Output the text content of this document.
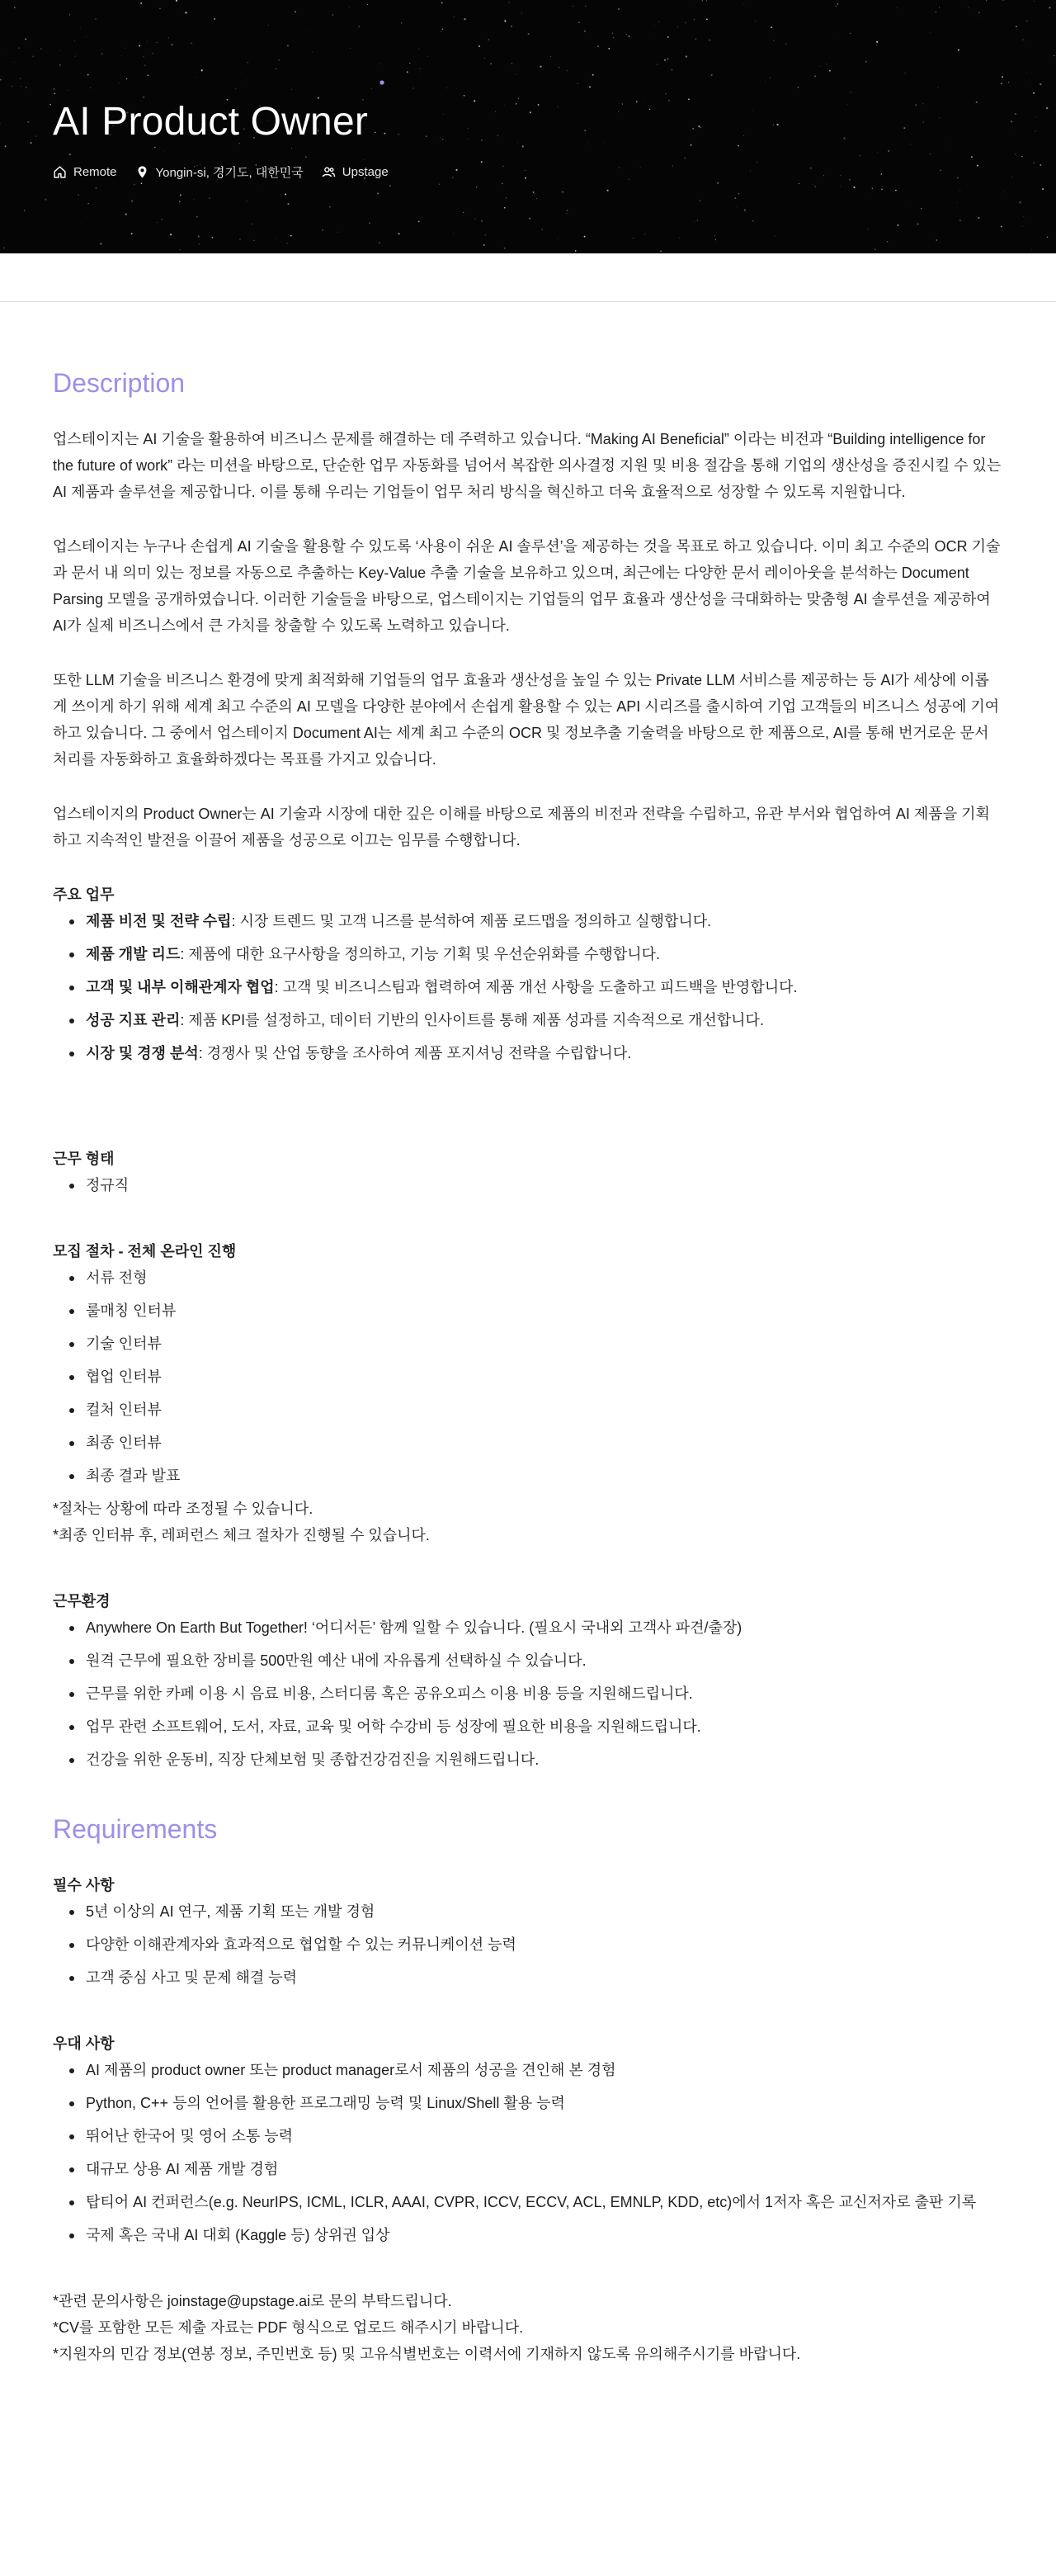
AI Product Owner
Remote	Yongin-si, 경기도, 대한민국	Upstage
Description

업스테이지는 AI 기술을 활용하여 비즈니스 문제를 해결하는 데 주력하고 있습니다. “Making AI Beneficial” 이라는 비전과 “Building intelligence for the future of work” 라는 미션을 바탕으로, 단순한 업무 자동화를 넘어서 복잡한 의사결정 지원 및 비용 절감을 통해 기업의 생산성을 증진시킬 수 있는 AI 제품과 솔루션을 제공합니다. 이를 통해 우리는 기업들이 업무 처리 방식을 혁신하고 더욱 효율적으로 성장할 수 있도록 지원합니다.

업스테이지는 누구나 손쉽게 AI 기술을 활용할 수 있도록 ‘사용이 쉬운 AI 솔루션’을 제공하는 것을 목표로 하고 있습니다. 이미 최고 수준의 OCR 기술과 문서 내 의미 있는 정보를 자동으로 추출하는 Key-Value 추출 기술을 보유하고 있으며, 최근에는 다양한 문서 레이아웃을 분석하는 Document Parsing 모델을 공개하였습니다. 이러한 기술들을 바탕으로, 업스테이지는 기업들의 업무 효율과 생산성을 극대화하는 맞춤형 AI 솔루션을 제공하여 AI가 실제 비즈니스에서 큰 가치를 창출할 수 있도록 노력하고 있습니다.

또한 LLM 기술을 비즈니스 환경에 맞게 최적화해 기업들의 업무 효율과 생산성을 높일 수 있는 Private LLM 서비스를 제공하는 등 AI가 세상에 이롭게 쓰이게 하기 위해 세계 최고 수준의 AI 모델을 다양한 분야에서 손쉽게 활용할 수 있는 API 시리즈를 출시하여 기업 고객들의 비즈니스 성공에 기여하고 있습니다. 그 중에서 업스테이지 Document AI는 세계 최고 수준의 OCR 및 정보추출 기술력을 바탕으로 한 제품으로, AI를 통해 번거로운 문서 처리를 자동화하고 효율화하겠다는 목표를 가지고 있습니다.

업스테이지의 Product Owner는 AI 기술과 시장에 대한 깊은 이해를 바탕으로 제품의 비전과 전략을 수립하고, 유관 부서와 협업하여 AI 제품을 기획하고 지속적인 발전을 이끌어 제품을 성공으로 이끄는 임무를 수행합니다.

주요 업무
제품 비전 및 전략 수립: 시장 트렌드 및 고객 니즈를 분석하여 제품 로드맵을 정의하고 실행합니다.
제품 개발 리드: 제품에 대한 요구사항을 정의하고, 기능 기획 및 우선순위화를 수행합니다.
고객 및 내부 이해관계자 협업: 고객 및 비즈니스팀과 협력하여 제품 개선 사항을 도출하고 피드백을 반영합니다.
성공 지표 관리: 제품 KPI를 설정하고, 데이터 기반의 인사이트를 통해 제품 성과를 지속적으로 개선합니다.
시장 및 경쟁 분석: 경쟁사 및 산업 동향을 조사하여 제품 포지셔닝 전략을 수립합니다.
근무 형태
정규직
모집 절차 - 전체 온라인 진행
서류 전형
룰매칭 인터뷰
기술 인터뷰
협업 인터뷰
컬처 인터뷰
최종 인터뷰
최종 결과 발표
*절차는 상황에 따라 조정될 수 있습니다.
*최종 인터뷰 후, 레퍼런스 체크 절차가 진행될 수 있습니다.
근무환경
Anywhere On Earth But Together! ‘어디서든’ 함께 일할 수 있습니다. (필요시 국내외 고객사 파견/출장)
원격 근무에 필요한 장비를 500만원 예산 내에 자유롭게 선택하실 수 있습니다.
근무를 위한 카페 이용 시 음료 비용, 스터디룸 혹은 공유오피스 이용 비용 등을 지원해드립니다.
업무 관련 소프트웨어, 도서, 자료, 교육 및 어학 수강비 등 성장에 필요한 비용을 지원해드립니다.
건강을 위한 운동비, 직장 단체보험 및 종합건강검진을 지원해드립니다.
Requirements
필수 사항
5년 이상의 AI 연구, 제품 기획 또는 개발 경험
다양한 이해관계자와 효과적으로 협업할 수 있는 커뮤니케이션 능력
고객 중심 사고 및 문제 해결 능력
우대 사항
AI 제품의 product owner 또는 product manager로서 제품의 성공을 견인해 본 경험
Python, C++ 등의 언어를 활용한 프로그래밍 능력 및 Linux/Shell 활용 능력
뛰어난 한국어 및 영어 소통 능력
대규모 상용 AI 제품 개발 경험
탑티어 AI 컨퍼런스(e.g. NeurIPS, ICML, ICLR, AAAI, CVPR, ICCV, ECCV, ACL, EMNLP, KDD, etc)에서 1저자 혹은 교신저자로 출판 기록
국제 혹은 국내 AI 대회 (Kaggle 등) 상위권 입상
*관련 문의사항은 joinstage@upstage.ai로 문의 부탁드립니다.
*CV를 포함한 모든 제출 자료는 PDF 형식으로 업로드 해주시기 바랍니다.
*지원자의 민감 정보(연봉 정보, 주민번호 등) 및 고유식별번호는 이력서에 기재하지 않도록 유의해주시기를 바랍니다.
